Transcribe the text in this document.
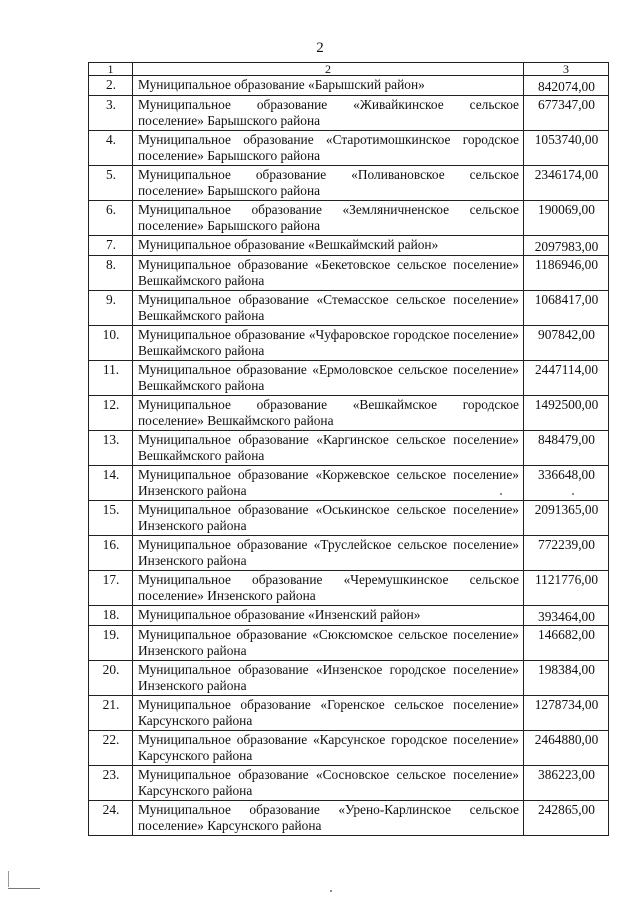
2
1	2	3
2.	Муниципальное образование «Барышский район»	842074,00
3.	Муниципальное образование «Живайкинское сельское поселение» Барышского района	677347,00
4.	Муниципальное образование «Старотимошкинское городское поселение» Барышского района	1053740,00
5.	Муниципальное образование «Поливановское сельское поселение» Барышского района	2346174,00
6.	Муниципальное образование «Земляничненское сельское поселение» Барышского района	190069,00
7.	Муниципальное образование «Вешкаймский район»	2097983,00
8.	Муниципальное образование «Бекетовское сельское поселение» Вешкаймского района	1186946,00
9.	Муниципальное образование «Стемасское сельское поселение» Вешкаймского района	1068417,00
10.	Муниципальное образование «Чуфаровское городское поселение» Вешкаймского района	907842,00
11.	Муниципальное образование «Ермоловское сельское поселение» Вешкаймского района	2447114,00
12.	Муниципальное образование «Вешкаймское городское поселение» Вешкаймского района	1492500,00
13.	Муниципальное образование «Каргинское сельское поселение» Вешкаймского района	848479,00
14.	Муниципальное образование «Коржевское сельское поселение» Инзенского района	336648,00
15.	Муниципальное образование «Оськинское сельское поселение» Инзенского района	2091365,00
16.	Муниципальное образование «Труслейское сельское поселение» Инзенского района	772239,00
17.	Муниципальное образование «Черемушкинское сельское поселение» Инзенского района	1121776,00
18.	Муниципальное образование «Инзенский район»	393464,00
19.	Муниципальное образование «Сюксюмское сельское поселение» Инзенского района	146682,00
20.	Муниципальное образование «Инзенское городское поселение» Инзенского района	198384,00
21.	Муниципальное образование «Горенское сельское поселение» Карсунского района	1278734,00
22.	Муниципальное образование «Карсунское городское поселение» Карсунского района	2464880,00
23.	Муниципальное образование «Сосновское сельское поселение» Карсунского района	386223,00
24.	Муниципальное образование «Урено-Карлинское сельское поселение» Карсунского района	242865,00
